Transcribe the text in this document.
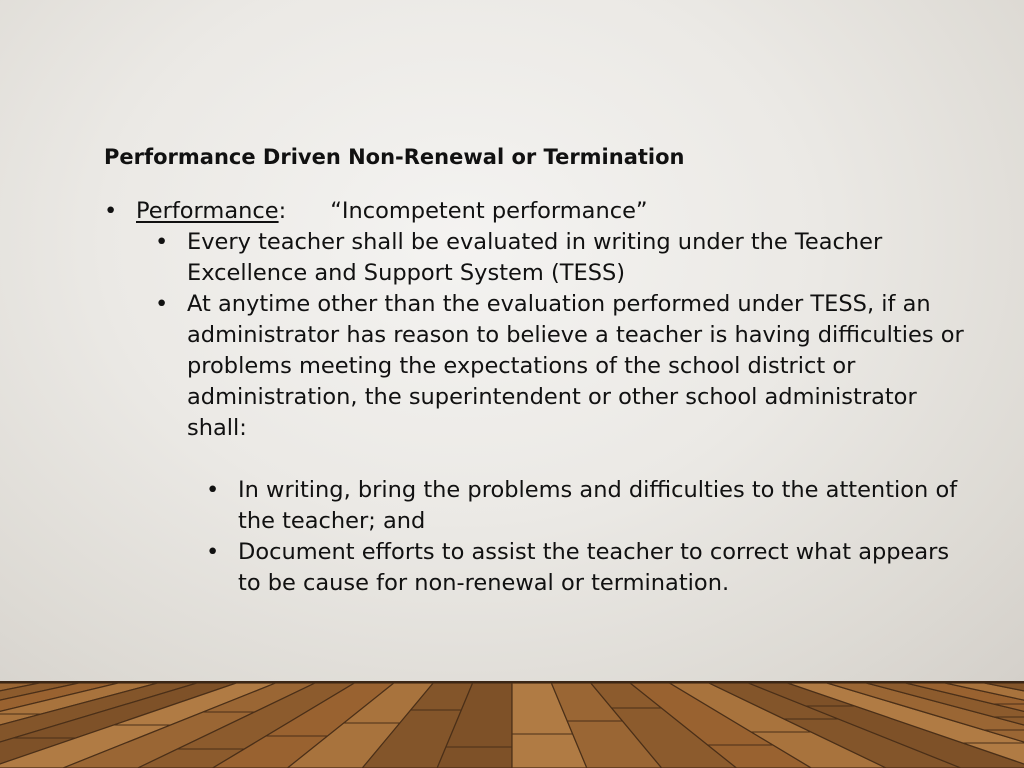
Performance Driven Non-Renewal or Termination
• Performance: “Incompetent performance”
• Every teacher shall be evaluated in writing under the Teacher Excellence and Support System (TESS)
• At anytime other than the evaluation performed under TESS, if an administrator has reason to believe a teacher is having difficulties or problems meeting the expectations of the school district or administration, the superintendent or other school administrator shall:
• In writing, bring the problems and difficulties to the attention of the teacher; and
• Document efforts to assist the teacher to correct what appears to be cause for non-renewal or termination.
